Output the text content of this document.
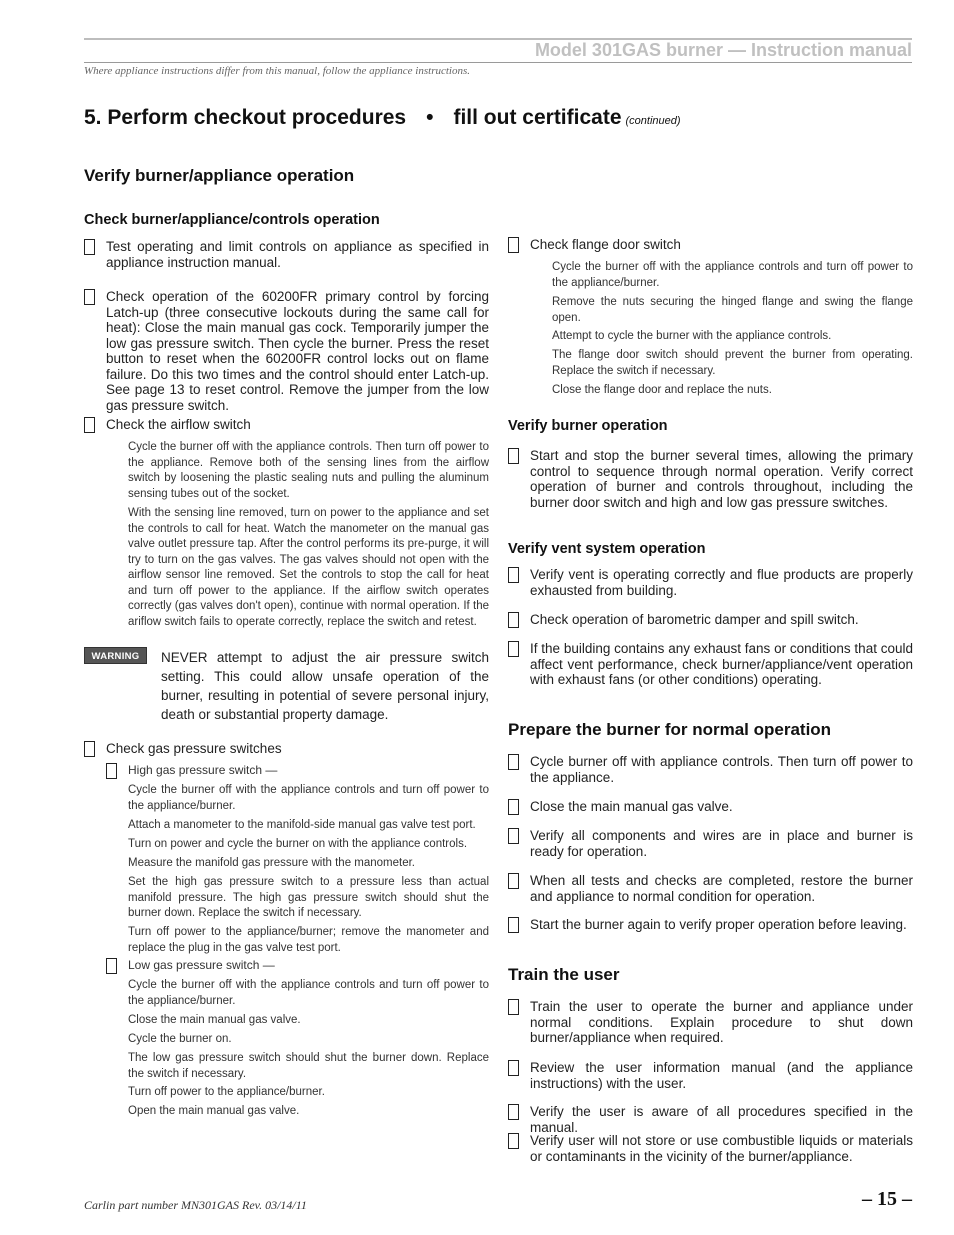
Model 301GAS burner — Instruction manual
Where appliance instructions differ from this manual, follow the appliance instructions.
5. Perform checkout procedures • fill out certificate (continued)
Verify burner/appliance operation
Check burner/appliance/controls operation
Test operating and limit controls on appliance as specified in appliance instruction manual.
Check operation of the 60200FR primary control by forcing Latch-up (three consecutive lockouts during the same call for heat): Close the main manual gas cock. Temporarily jumper the low gas pressure switch. Then cycle the burner. Press the reset button to reset when the 60200FR control locks out on flame failure. Do this two times and the control should enter Latch-up. See page 13 to reset control. Remove the jumper from the low gas pressure switch.
Check the airflow switch
Cycle the burner off with the appliance controls. Then turn off power to the appliance. Remove both of the sensing lines from the airflow switch by loosening the plastic sealing nuts and pulling the aluminum sensing tubes out of the socket.
With the sensing line removed, turn on power to the appliance and set the controls to call for heat. Watch the manometer on the manual gas valve outlet pressure tap. After the control performs its pre-purge, it will try to turn on the gas valves. The gas valves should not open with the airflow sensor line removed. Set the controls to stop the call for heat and turn off power to the appliance. If the airflow switch operates correctly (gas valves don't open), continue with normal operation. If the ariflow switch fails to operate correctly, replace the switch and retest.
WARNING	NEVER attempt to adjust the air pressure switch setting. This could allow unsafe operation of the burner, resulting in potential of severe personal injury, death or substantial property damage.
Check gas pressure switches
High gas pressure switch —
Cycle the burner off with the appliance controls and turn off power to the appliance/burner.
Attach a manometer to the manifold-side manual gas valve test port.
Turn on power and cycle the burner on with the appliance controls.
Measure the manifold gas pressure with the manometer.
Set the high gas pressure switch to a pressure less than actual manifold pressure. The high gas pressure switch should shut the burner down. Replace the switch if necessary.
Turn off power to the appliance/burner; remove the manometer and replace the plug in the gas valve test port.
Low gas pressure switch —
Cycle the burner off with the appliance controls and turn off power to the appliance/burner.
Close the main manual gas valve.
Cycle the burner on.
The low gas pressure switch should shut the burner down. Replace the switch if necessary.
Turn off power to the appliance/burner.
Open the main manual gas valve.
Check flange door switch
Cycle the burner off with the appliance controls and turn off power to the appliance/burner.
Remove the nuts securing the hinged flange and swing the flange open.
Attempt to cycle the burner with the appliance controls.
The flange door switch should prevent the burner from operating. Replace the switch if necessary.
Close the flange door and replace the nuts.
Verify burner operation
Start and stop the burner several times, allowing the primary control to sequence through normal operation. Verify correct operation of burner and controls throughout, including the burner door switch and high and low gas pressure switches.
Verify vent system operation
Verify vent is operating correctly and flue products are properly exhausted from building.
Check operation of barometric damper and spill switch.
If the building contains any exhaust fans or conditions that could affect vent performance, check burner/appliance/vent operation with exhaust fans (or other conditions) operating.
Prepare the burner for normal operation
Cycle burner off with appliance controls. Then turn off power to the appliance.
Close the main manual gas valve.
Verify all components and wires are in place and burner is ready for operation.
When all tests and checks are completed, restore the burner and appliance to normal condition for operation.
Start the burner again to verify proper operation before leaving.
Train the user
Train the user to operate the burner and appliance under normal conditions. Explain procedure to shut down burner/appliance when required.
Review the user information manual (and the appliance instructions) with the user.
Verify the user is aware of all procedures specified in the manual.
Verify user will not store or use combustible liquids or materials or contaminants in the vicinity of the burner/appliance.
Carlin part number MN301GAS Rev. 03/14/11	– 15 –
